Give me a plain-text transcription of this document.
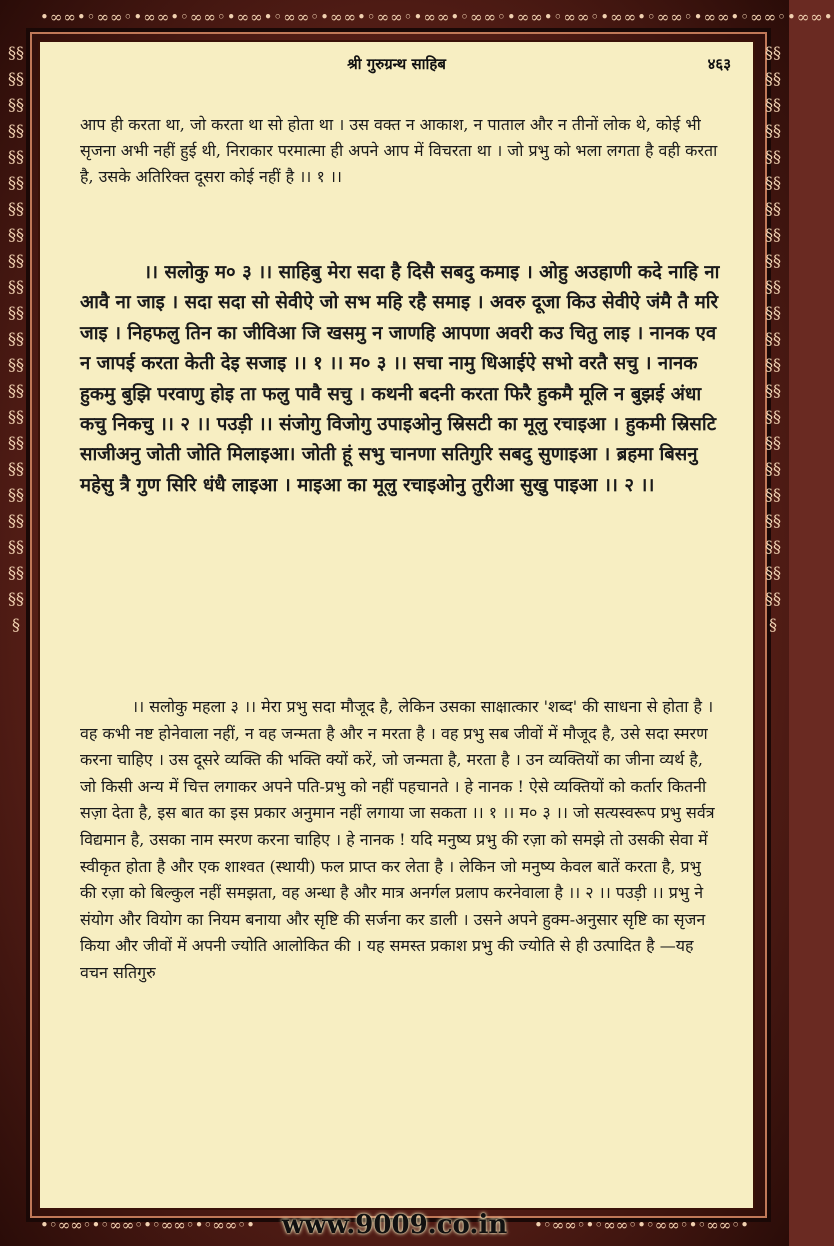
•∞∞•◦∞∞◦•∞∞•◦∞∞◦•∞∞•◦∞∞◦•∞∞•◦∞∞◦•∞∞•◦∞∞◦•∞∞•◦∞∞◦•∞∞•◦∞∞◦•∞∞•◦∞∞◦•∞∞•
§§§§§§§§§§§§§§§§§§§§§§§§§§§§§§§§§§§§§§§§§§§§§
§§§§§§§§§§§§§§§§§§§§§§§§§§§§§§§§§§§§§§§§§§§§§
श्री गुरुग्रन्थ साहिब	४६३

आप ही करता था, जो करता था सो होता था । उस वक्त न आकाश, न पाताल और न तीनों लोक थे, कोई भी सृजना अभी नहीं हुई थी, निराकार परमात्मा ही अपने आप में विचरता था । जो प्रभु को भला लगता है वही करता है, उसके अतिरिक्त दूसरा कोई नहीं है ।। १ ।।

।। सलोकु म० ३ ।। साहिबु मेरा सदा है दिसै सबदु कमाइ । ओहु अउहाणी कदे नाहि ना आवै ना जाइ । सदा सदा सो सेवीऐ जो सभ महि रहै समाइ । अवरु दूजा किउ सेवीऐ जंमै तै मरि जाइ । निहफलु तिन का जीविआ जि खसमु न जाणहि आपणा अवरी कउ चितु लाइ । नानक एव न जापई करता केती देइ सजाइ ।। १ ।। म० ३ ।। सचा नामु धिआईऐ सभो वरतै सचु । नानक हुकमु बुझि परवाणु होइ ता फलु पावै सचु । कथनी बदनी करता फिरै हुकमै मूलि न बुझई अंधा कचु निकचु ।। २ ।। पउड़ी ।। संजोगु विजोगु उपाइओनु स्रिसटी का मूलु रचाइआ । हुकमी स्रिसटि साजीअनु जोती जोति मिलाइआ। जोती हूं सभु चानणा सतिगुरि सबदु सुणाइआ । ब्रहमा बिसनु महेसु त्रै गुण सिरि धंधै लाइआ । माइआ का मूलु रचाइओनु तुरीआ सुखु पाइआ ।। २ ।।

।। सलोकु महला ३ ।। मेरा प्रभु सदा मौजूद है, लेकिन उसका साक्षात्कार 'शब्द' की साधना से होता है । वह कभी नष्ट होनेवाला नहीं, न वह जन्मता है और न मरता है । वह प्रभु सब जीवों में मौजूद है, उसे सदा स्मरण करना चाहिए । उस दूसरे व्यक्ति की भक्ति क्यों करें, जो जन्मता है, मरता है । उन व्यक्तियों का जीना व्यर्थ है, जो किसी अन्य में चित्त लगाकर अपने पति-प्रभु को नहीं पहचानते । हे नानक ! ऐसे व्यक्तियों को कर्तार कितनी सज़ा देता है, इस बात का इस प्रकार अनुमान नहीं लगाया जा सकता ।। १ ।। म० ३ ।। जो सत्यस्वरूप प्रभु सर्वत्र विद्यमान है, उसका नाम स्मरण करना चाहिए । हे नानक ! यदि मनुष्य प्रभु की रज़ा को समझे तो उसकी सेवा में स्वीकृत होता है और एक शाश्वत (स्थायी) फल प्राप्त कर लेता है । लेकिन जो मनुष्य केवल बातें करता है, प्रभु की रज़ा को बिल्कुल नहीं समझता, वह अन्धा है और मात्र अनर्गल प्रलाप करनेवाला है ।। २ ।। पउड़ी ।। प्रभु ने संयोग और वियोग का नियम बनाया और सृष्टि की सर्जना कर डाली । उसने अपने हुक्म-अनुसार सृष्टि का सृजन किया और जीवों में अपनी ज्योति आलोकित की । यह समस्त प्रकाश प्रभु की ज्योति से ही उत्पादित है —यह वचन सतिगुरु

•◦∞∞◦•◦∞∞◦•◦∞∞◦•◦∞∞◦•	•◦∞∞◦•◦∞∞◦•◦∞∞◦•◦∞∞◦•
www.9009.co.in
